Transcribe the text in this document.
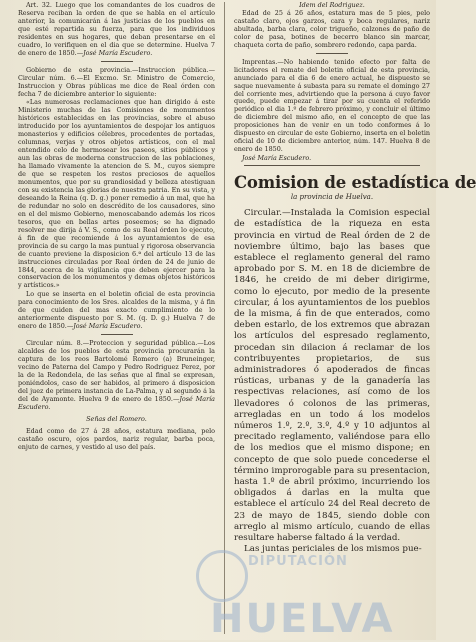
Art. 32. Luego que los comandantes de los cuadros de Reserva reciban la orden de que se habla en el artículo anterior, la comunicarán á las justicias de los pueblos en que esté repartida su fuerza, para que los individuos residentes en sus hogares, que deban presentarse en el cuadro, lo verifiquen en el dia que se determine. Huelva 7 de enero de 1850.—José María Escudero.

Gobierno de esta provincia.—Instruccion pública.—Circular núm. 6.—El Excmo. Sr. Ministro de Comercio, Instruccion y Obras públicas me dice de Real órden con fecha 7 de diciembre anterior lo siguiente:

«Las numerosas reclamaciones que han dirigido á este Ministerio muchas de las Comisiones de monumentos históricos establecidas en las provincias, sobre el abuso introducido por los ayuntamientos de despojar los antiguos monasterios y edificios célebres, procedentes de portadas, columnas, verjas y otros objetos artísticos, con el mal entendido celo de hermosear los paseos, sitios públicos y aun las obras de moderna construccion de las poblaciones, ha llamado vivamente la atencion de S. M., cuyos siempre de que se respeten los restos preciosos de aquellos monumentos, que por su grandiosidad y belleza atestiguan con su existencia las glorias de nuestra patria. En su vista, y deseando la Reina (q. D. g.) poner remedio á un mal, que ha de redundar no solo en descrédito de los causadores, sino en el del mismo Gobierno, menoscabando además los ricos tesoros, que en bellas artes poseemos; se ha dignado resolver me dirija á V. S., como de su Real órden lo ejecuto, á fin de que recomiende á los ayuntamientos de esa provincia de su cargo la mas puntual y rigorosa observancia de cuanto previene la disposicion 6.ª del artículo 13 de las instrucciones circuladas por Real órden de 24 de junio de 1844, acerca de la vigilancia que deben ejercer para la conservacion de los monumentos y demas objetos históricos y artísticos.»

Lo que se inserta en el boletin oficial de esta provincia para conocimiento de los Sres. alcaldes de la misma, y á fin de que cuiden del mas exacto cumplimiento de lo anteriormente dispuesto por S. M. (q. D. g.) Huelva 7 de enero de 1850.—José María Escudero.

Circular núm. 8.—Proteccion y seguridad pública.—Los alcaldes de los pueblos de esta provincia procurarán la captura de los reos Bartolomé Romero (a) Bruneinger, vecino de Paterna del Campo y Pedro Rodriguez Perez, por la de la Redondela, de las señas que al final se expresan, poniéndolos, caso de ser habidos, al primero á disposicion del juez de primera instancia de La-Palma, y al segundo á la del de Ayamonte. Huelva 9 de enero de 1850.—José María Escudero.

Señas del Romero.

Edad como de 27 á 28 años, estatura mediana, pelo castaño oscuro, ojos pardos, nariz regular, barba poca, enjuto de carnes, y vestido al uso del país.

Idem del Rodriguez.

Edad de 25 á 26 años, estatura mas de 5 pies, pelo castaño claro, ojos garzos, cara y boca regulares, nariz abultada, barba clara, color trigueño, calzones de paño de color de pasa, botines de becerro blanco sin marcar, chaqueta corta de paño, sombrero redondo, capa parda.

Imprentas.—No habiendo tenido efecto por falta de licitadores el remate del boletin oficial de esta provincia, anunciado para el dia 6 de enero actual, he dispuesto se saque nuevamente á subasta para su remate el domingo 27 del corriente mes, advirtiendo que la persona á cuyo favor quede, puede empezar á tirar por su cuenta el referido periódico el dia 1.º de febrero próximo, y concluir el último de diciembre del mismo año, en el concepto de que las proposiciones han de venir en un todo conformes á lo dispuesto en circular de este Gobierno, inserta en el boletin oficial de 10 de diciembre anterior, núm. 147. Huelva 8 de enero de 1850.

José María Escudero.

Comision de estadística de

la provincia de Huelva.

Circular.—Instalada la Comision especial de estadística de la riqueza en esta provincia en virtud de Real órden de 2 de noviembre último, bajo las bases que establece el reglamento general del ramo aprobado por S. M. en 18 de diciembre de 1846, he creido de mi deber dirigirme, como lo ejecuto, por medio de la presente circular, á los ayuntamientos de los pueblos de la misma, á fin de que enterados, como deben estarlo, de los extremos que abrazan los artículos del espresado reglamento, procedan sin dilacion á reclamar de los contribuyentes propietarios, de sus administradores ó apoderados de fincas rústicas, urbanas y de la ganadería las respectivas relaciones, así como de los llevadores ó colonos de las primeras, arregladas en un todo á los modelos números 1.º, 2.º, 3.º, 4.º y 10 adjuntos al precitado reglamento, valiéndose para ello de los medios que el mismo dispone; en concepto de que solo puede concederse el término improrogable para su presentacion, hasta 1.º de abril próximo, incurriendo los obligados á darlas en la multa que establece el artículo 24 del Real decreto de 23 de mayo de 1845, siendo doble con arreglo al mismo artículo, cuando de ellas resultare haberse faltado á la verdad.

Las juntas periciales de los mismos pue-

DIPUTACIÓN
HUELVA
